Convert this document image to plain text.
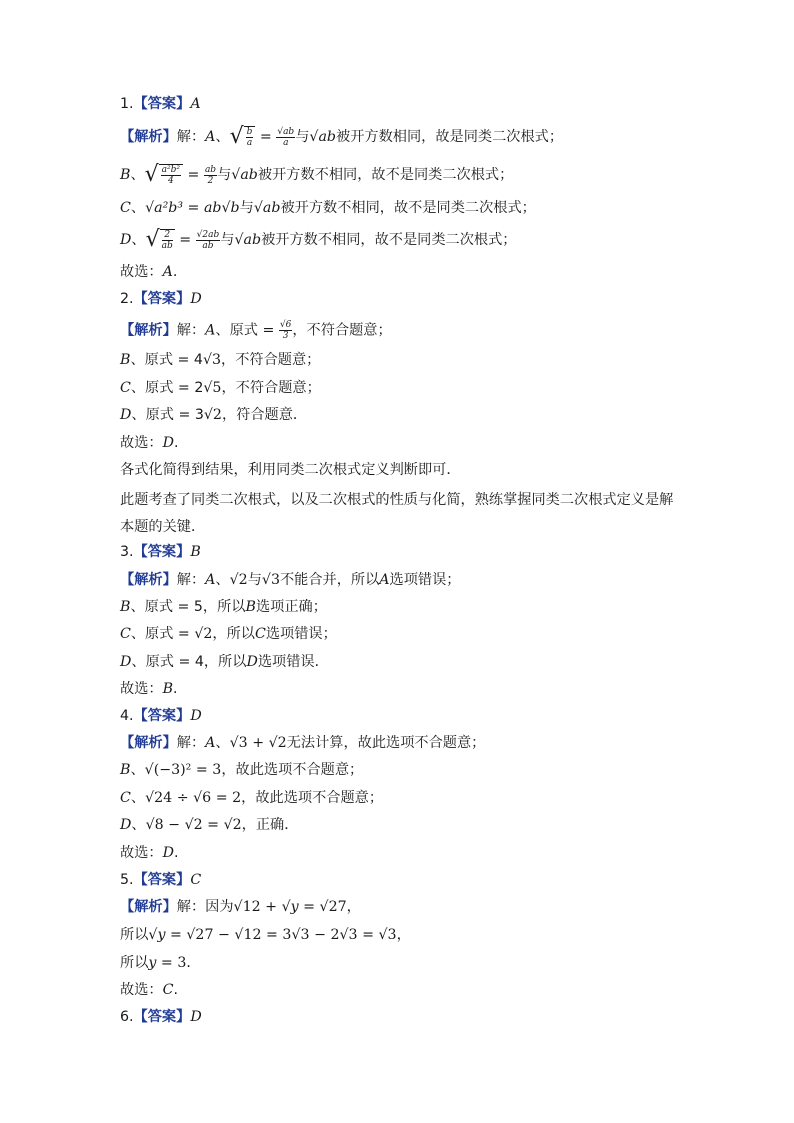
1.【答案】A
【解析】解：A、√ $\frac{b}{a} = \frac{√ab}{a}$ 与√ab被开方数相同，故是同类二次根式；
B、√ $\frac{\text{a²b²}}{4} = \frac{ab}{2}$ 与√ab被开方数不相同，故不是同类二次根式；
C、√a²b³ = ab√b与√ab被开方数不相同，故不是同类二次根式；
D、√ $\frac{2}{ab} = \frac{√2ab}{ab}$ 与√ab被开方数不相同，故不是同类二次根式；
故选：A.
2.【答案】D
【解析】解：A、原式 = $\frac{√6}{3}$ ，不符合题意；
B、原式 = 4√3，不符合题意；
C、原式 = 2√5，不符合题意；
D、原式 = 3√2，符合题意．
故选：D.
各式化简得到结果，利用同类二次根式定义判断即可．
此题考查了同类二次根式，以及二次根式的性质与化简，熟练掌握同类二次根式定义是解本题的关键．
3.【答案】B
【解析】解：A、√2与√3不能合并，所以A选项错误；
B、原式 = 5，所以B选项正确；
C、原式 = √2，所以C选项错误；
D、原式 = 4，所以D选项错误．
故选：B.
4.【答案】D
【解析】解：A、√3 + √2无法计算，故此选项不合题意；
B、√(−3)² = 3，故此选项不合题意；
C、√24 ÷ √6 = 2，故此选项不合题意；
D、√8 − √2 = √2，正确．
故选：D.
5.【答案】C
【解析】解：因为√12 + √y = √27，
所以√y = √27 − √12 = 3√3 − 2√3 = √3，
所以y = 3．
故选：C.
6.【答案】D
